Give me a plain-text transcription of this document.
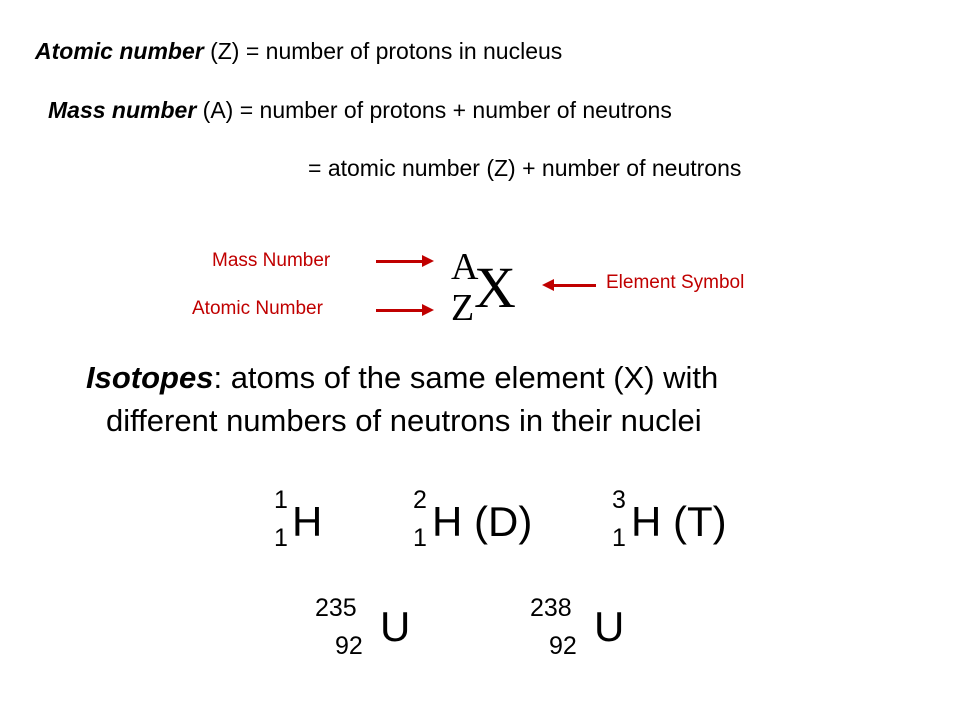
Atomic number (Z) = number of protons in nucleus
Mass number (A) = number of protons + number of neutrons
= atomic number (Z) + number of neutrons
Mass Number
Atomic Number
A
X
Z
Element Symbol
Isotopes: atoms of the same element (X) with
different numbers of neutrons in their nuclei
1
1 H	2
1 H (D)	3
1 H (T)
235
92 U	238
92 U
